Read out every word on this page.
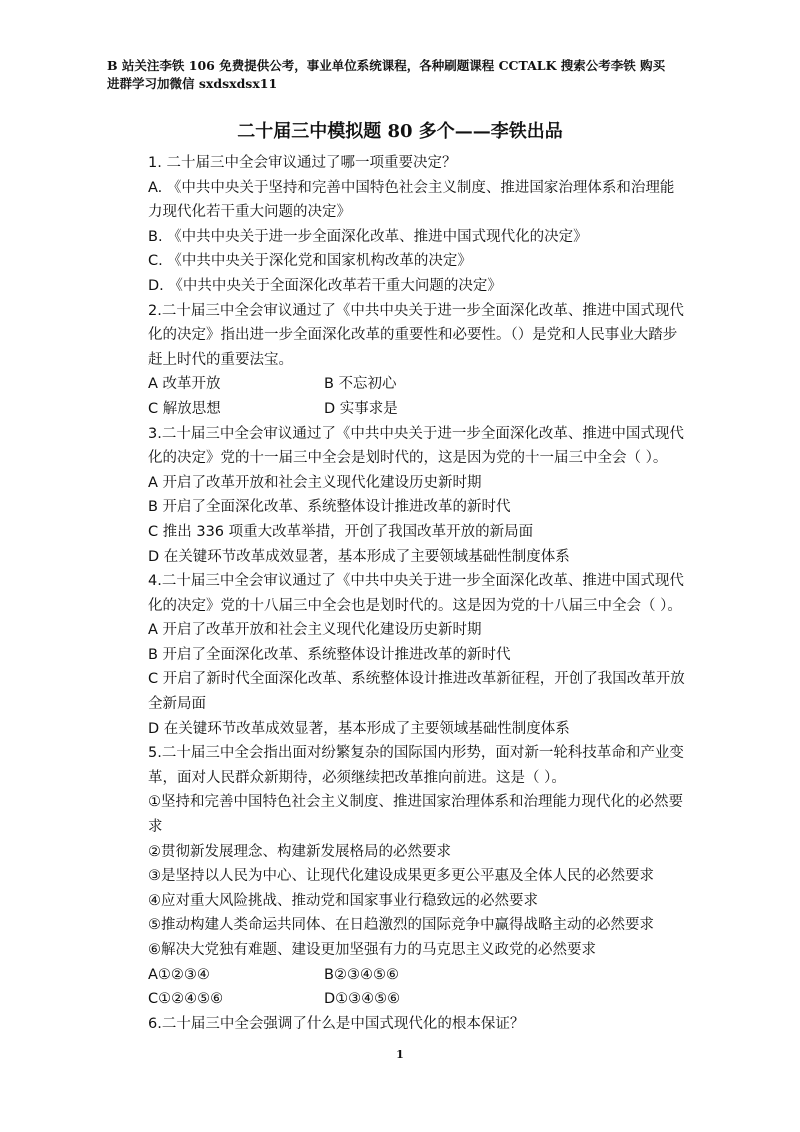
B 站关注李铁 106 免费提供公考，事业单位系统课程，各种刷题课程 CCTALK 搜索公考李铁 购买
进群学习加微信 sxdsxdsx11
二十届三中模拟题 80 多个——李铁出品

1. 二十届三中全会审议通过了哪一项重要决定？

A. 《中共中央关于坚持和完善中国特色社会主义制度、推进国家治理体系和治理能力现代化若干重大问题的决定》

B. 《中共中央关于进一步全面深化改革、推进中国式现代化的决定》

C. 《中共中央关于深化党和国家机构改革的决定》

D. 《中共中央关于全面深化改革若干重大问题的决定》

2.二十届三中全会审议通过了《中共中央关于进一步全面深化改革、推进中国式现代化的决定》指出进一步全面深化改革的重要性和必要性。（）是党和人民事业大踏步赶上时代的重要法宝。

A 改革开放	B 不忘初心
C 解放思想	D 实事求是

3.二十届三中全会审议通过了《中共中央关于进一步全面深化改革、推进中国式现代化的决定》党的十一届三中全会是划时代的，这是因为党的十一届三中全会（ ）。

A 开启了改革开放和社会主义现代化建设历史新时期

B 开启了全面深化改革、系统整体设计推进改革的新时代

C 推出 336 项重大改革举措，开创了我国改革开放的新局面

D 在关键环节改革成效显著，基本形成了主要领域基础性制度体系

4.二十届三中全会审议通过了《中共中央关于进一步全面深化改革、推进中国式现代化的决定》党的十八届三中全会也是划时代的。这是因为党的十八届三中全会（ ）。

A 开启了改革开放和社会主义现代化建设历史新时期

B 开启了全面深化改革、系统整体设计推进改革的新时代

C 开启了新时代全面深化改革、系统整体设计推进改革新征程，开创了我国改革开放全新局面

D 在关键环节改革成效显著，基本形成了主要领域基础性制度体系

5.二十届三中全会指出面对纷繁复杂的国际国内形势，面对新一轮科技革命和产业变革，面对人民群众新期待，必须继续把改革推向前进。这是（ ）。

①坚持和完善中国特色社会主义制度、推进国家治理体系和治理能力现代化的必然要求

②贯彻新发展理念、构建新发展格局的必然要求

③是坚持以人民为中心、让现代化建设成果更多更公平惠及全体人民的必然要求

④应对重大风险挑战、推动党和国家事业行稳致远的必然要求

⑤推动构建人类命运共同体、在日趋激烈的国际竞争中赢得战略主动的必然要求

⑥解决大党独有难题、建设更加坚强有力的马克思主义政党的必然要求

A①②③④	B②③④⑤⑥
C①②④⑤⑥	D①③④⑤⑥

6.二十届三中全会强调了什么是中国式现代化的根本保证？

1
